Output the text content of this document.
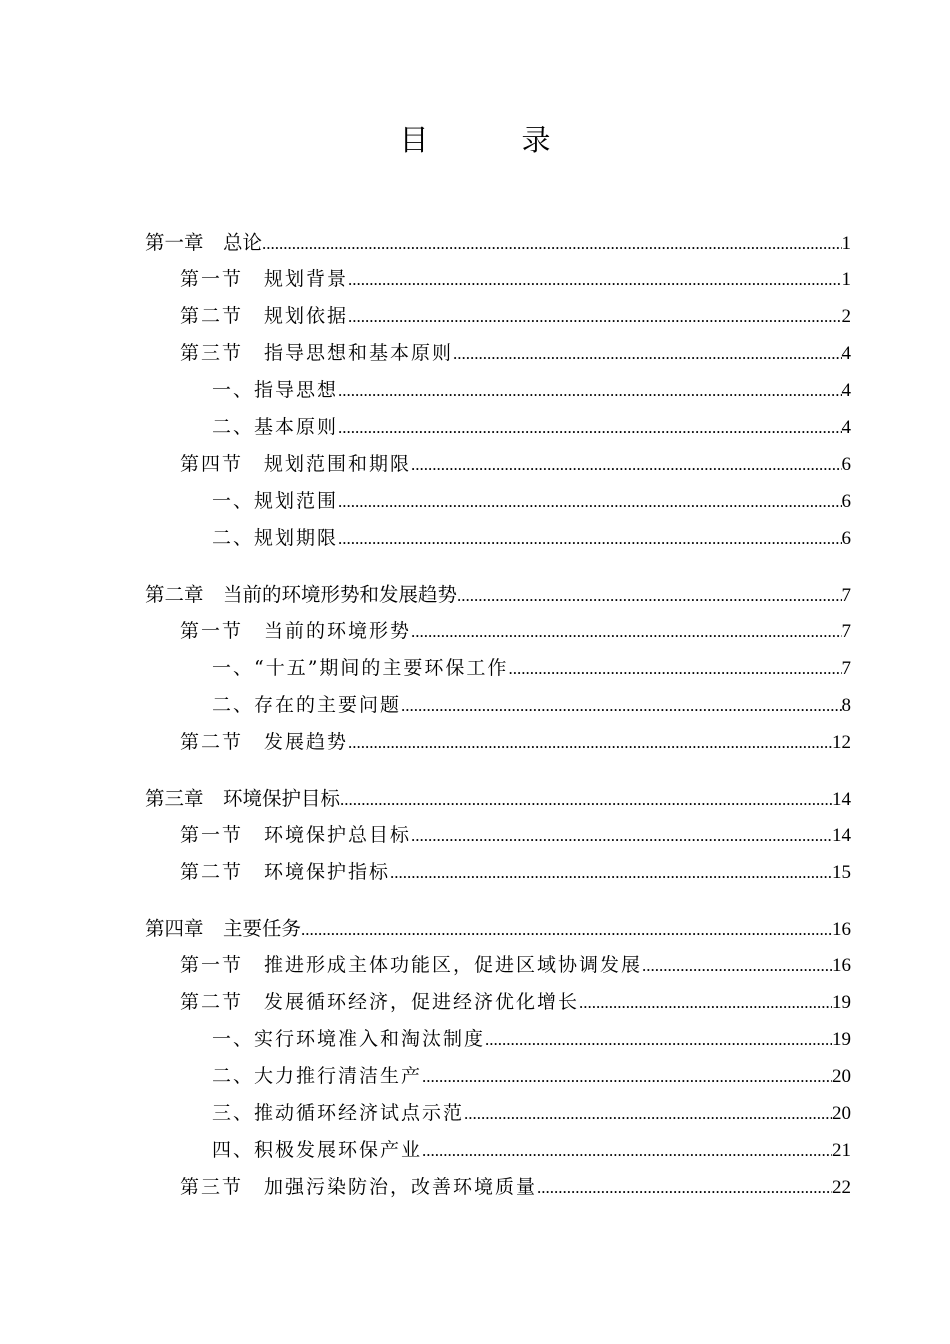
目　录
第一章　总论 .....	1
第一节　规划背景 .....	1
第二节　规划依据 .....	2
第三节　指导思想和基本原则 .....	4
一、指导思想 .....	4
二、基本原则 .....	4
第四节　规划范围和期限 .....	6
一、规划范围 .....	6
二、规划期限 .....	6
第二章　当前的环境形势和发展趋势 .....	7
第一节　当前的环境形势 .....	7
一、“十五”期间的主要环保工作 .....	7
二、存在的主要问题 .....	8
第二节　发展趋势 .....	12
第三章　环境保护目标 .....	14
第一节　环境保护总目标 .....	14
第二节　环境保护指标 .....	15
第四章　主要任务 .....	16
第一节　推进形成主体功能区，促进区域协调发展 .....	16
第二节　发展循环经济，促进经济优化增长 .....	19
一、实行环境准入和淘汰制度 .....	19
二、大力推行清洁生产 .....	20
三、推动循环经济试点示范 .....	20
四、积极发展环保产业 .....	21
第三节　加强污染防治，改善环境质量 .....	22
